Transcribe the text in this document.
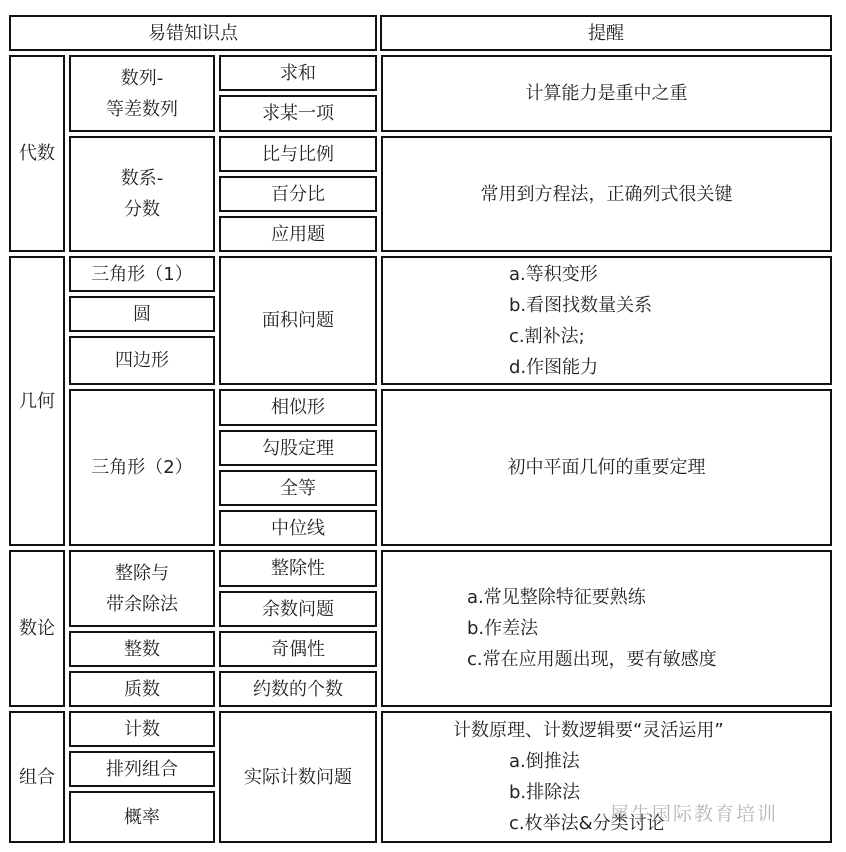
易错知识点	提醒
代数
数列-
等差数列
求和
求某一项
计算能力是重中之重
数系-
分数
比与比例
百分比
应用题
常用到方程法，正确列式很关键
几何
三角形（1）
圆
四边形
面积问题
a.等积变形
b.看图找数量关系
c.割补法;
d.作图能力
三角形（2）
相似形
勾股定理
全等
中位线
初中平面几何的重要定理
数论
整除与
带余除法
整数
质数
整除性
余数问题
奇偶性
约数的个数
a.常见整除特征要熟练
b.作差法
c.常在应用题出现，要有敏感度
组合
计数
排列组合
概率
实际计数问题
计数原理、计数逻辑要“灵活运用”
a.倒推法
b.排除法
c.枚举法&分类讨论
犀牛国际教育培训
